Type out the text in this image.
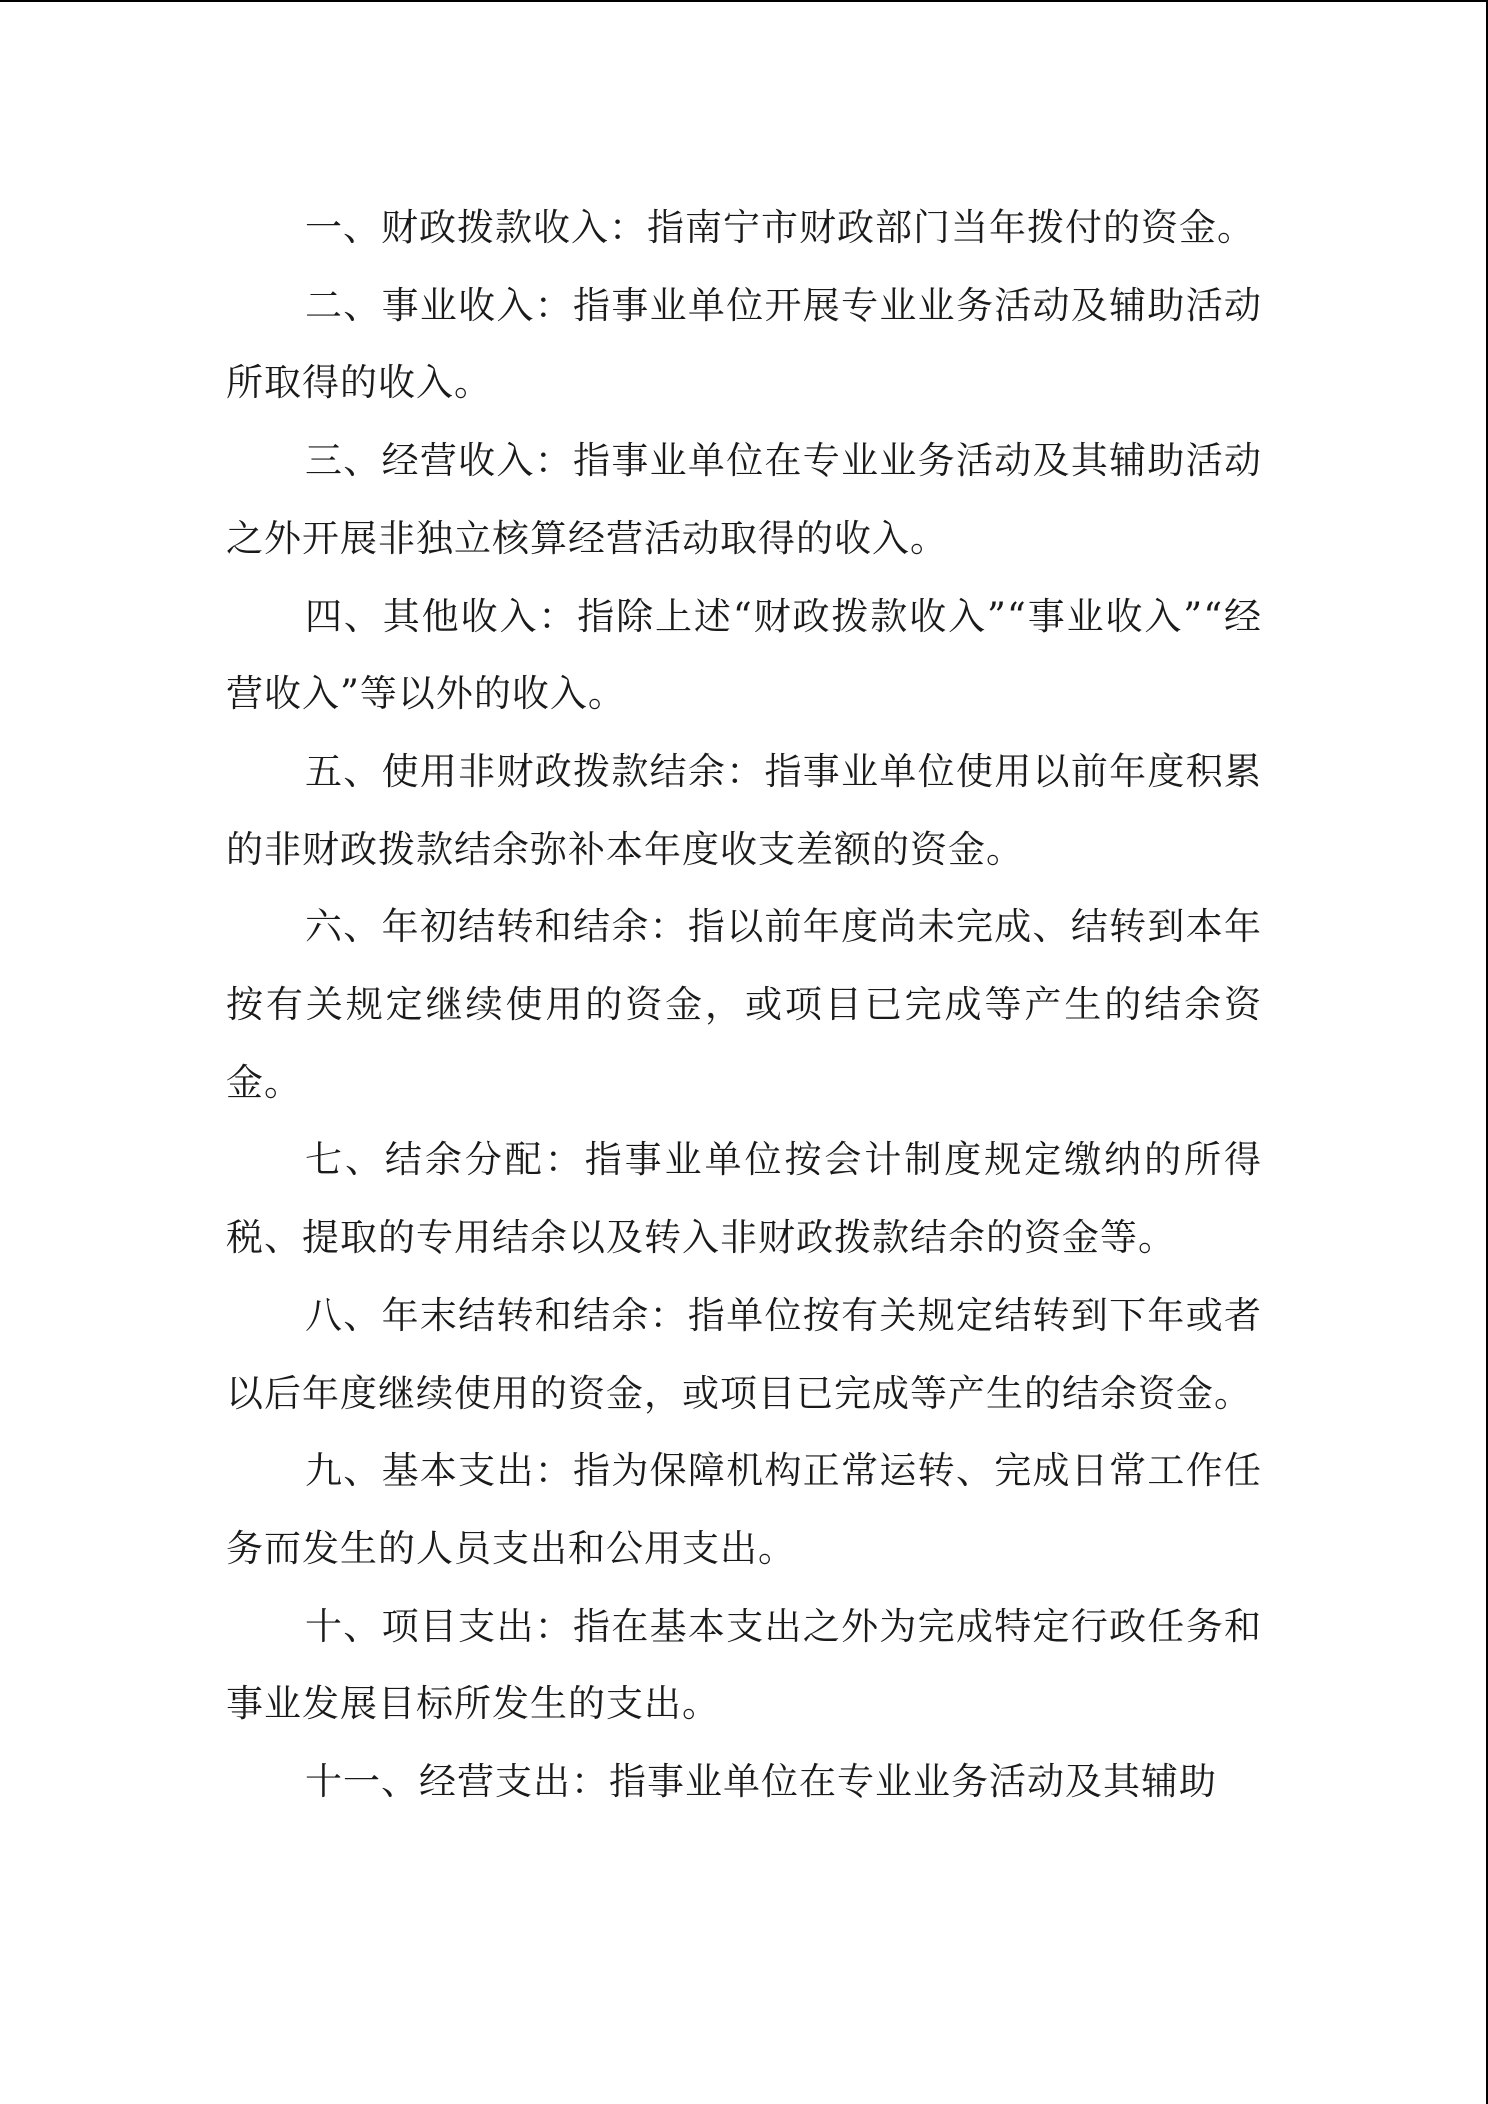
一、财政拨款收入：指南宁市财政部门当年拨付的资金。

二、事业收入：指事业单位开展专业业务活动及辅助活动所取得的收入。

三、经营收入：指事业单位在专业业务活动及其辅助活动之外开展非独立核算经营活动取得的收入。

四、其他收入：指除上述“财政拨款收入”“事业收入”“经营收入”等以外的收入。

五、使用非财政拨款结余：指事业单位使用以前年度积累的非财政拨款结余弥补本年度收支差额的资金。

六、年初结转和结余：指以前年度尚未完成、结转到本年按有关规定继续使用的资金，或项目已完成等产生的结余资金。

七、结余分配：指事业单位按会计制度规定缴纳的所得税、提取的专用结余以及转入非财政拨款结余的资金等。

八、年末结转和结余：指单位按有关规定结转到下年或者以后年度继续使用的资金，或项目已完成等产生的结余资金。

九、基本支出：指为保障机构正常运转、完成日常工作任务而发生的人员支出和公用支出。

十、项目支出：指在基本支出之外为完成特定行政任务和事业发展目标所发生的支出。

十一、经营支出：指事业单位在专业业务活动及其辅助
